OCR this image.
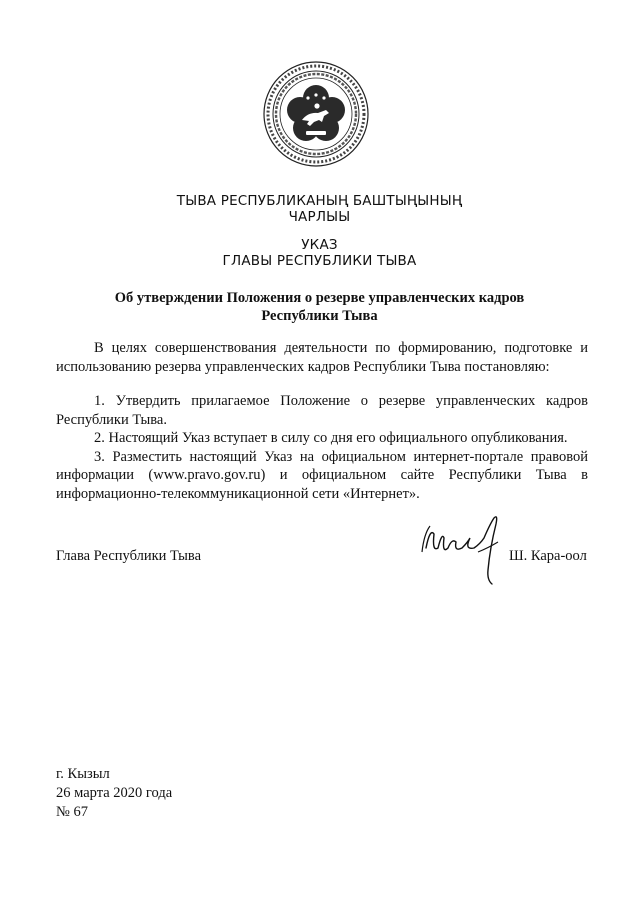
ТЫВА РЕСПУБЛИКАНЫҢ БАШТЫҢЫНЫҢ
ЧАРЛЫЫ
УКАЗ
ГЛАВЫ РЕСПУБЛИКИ ТЫВА
Об утверждении Положения о резерве управленческих кадров
Республики Тыва

В целях совершенствования деятельности по формированию, подготовке и использованию резерва управленческих кадров Республики Тыва постановляю:

1. Утвердить прилагаемое Положение о резерве управленческих кадров Республики Тыва.

2. Настоящий Указ вступает в силу со дня его официального опубликования.

3. Разместить настоящий Указ на официальном интернет-портале правовой информации (www.pravo.gov.ru) и официальном сайте Республики Тыва в информационно-телекоммуникационной сети «Интернет».

Глава Республики Тыва	Ш. Кара-оол
г. Кызыл
26 марта 2020 года
№ 67
